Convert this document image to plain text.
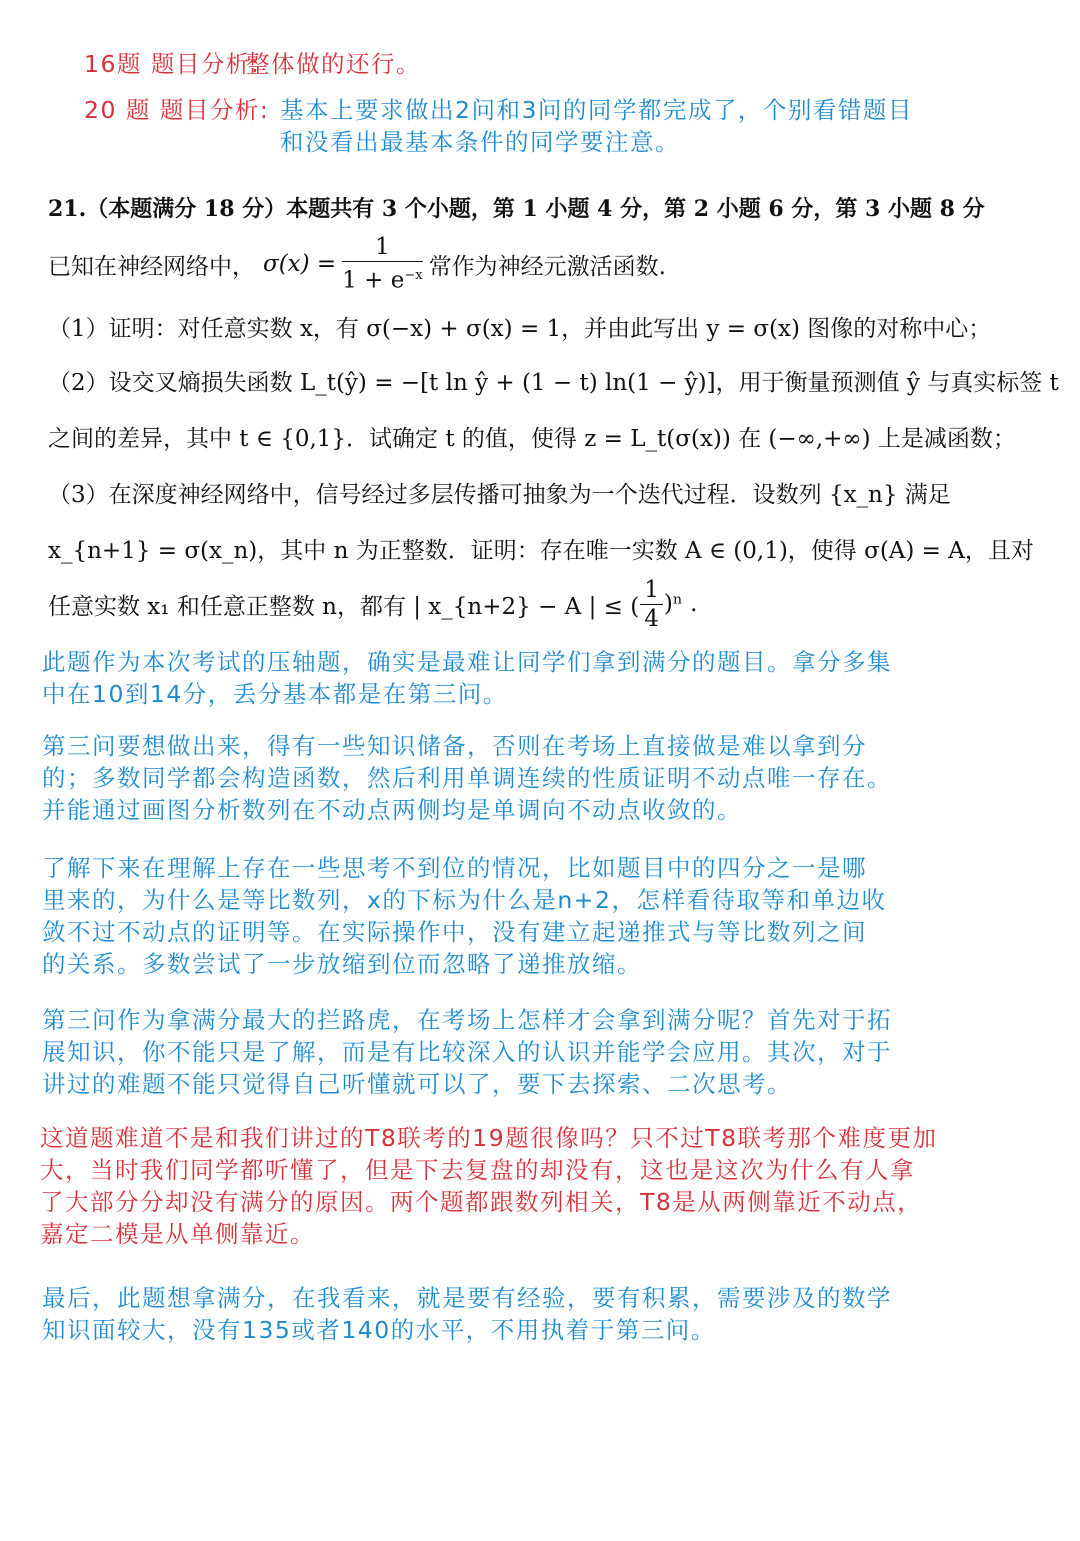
16题 题目分析:整体做的还行。
20 题 题目分析: 基本上要求做出2问和3问的同学都完成了，个别看错题目
和没看出最基本条件的同学要注意。
21.（本题满分 18 分）本题共有 3 个小题，第 1 小题 4 分，第 2 小题 6 分，第 3 小题 8 分
已知在神经网络中， $\sigma(x) = \frac{1}{1 + e^{-x}}$ 常作为神经元激活函数.
（1）证明：对任意实数 x，有 σ(−x) + σ(x) = 1，并由此写出 y = σ(x) 图像的对称中心；
（2）设交叉熵损失函数 L_t(ŷ) = −[t ln ŷ + (1 − t) ln(1 − ŷ)]，用于衡量预测值 ŷ 与真实标签 t
之间的差异，其中 t ∈ {0,1}．试确定 t 的值，使得 z = L_t(σ(x)) 在 (−∞,+∞) 上是减函数；
（3）在深度神经网络中，信号经过多层传播可抽象为一个迭代过程．设数列 {x_n} 满足
x_{n+1} = σ(x_n)，其中 n 为正整数．证明：存在唯一实数 A ∈ (0,1)，使得 σ(A) = A，且对
任意实数 x₁ 和任意正整数 n，都有 | x_{n+2} − A | ≤ ( $\frac{1}{4} )^n$ .
此题作为本次考试的压轴题，确实是最难让同学们拿到满分的题目。拿分多集
中在10到14分，丢分基本都是在第三问。
第三问要想做出来，得有一些知识储备，否则在考场上直接做是难以拿到分
的；多数同学都会构造函数，然后利用单调连续的性质证明不动点唯一存在。
并能通过画图分析数列在不动点两侧均是单调向不动点收敛的。
了解下来在理解上存在一些思考不到位的情况，比如题目中的四分之一是哪
里来的，为什么是等比数列，x的下标为什么是n+2，怎样看待取等和单边收
敛不过不动点的证明等。在实际操作中，没有建立起递推式与等比数列之间
的关系。多数尝试了一步放缩到位而忽略了递推放缩。
第三问作为拿满分最大的拦路虎，在考场上怎样才会拿到满分呢？首先对于拓
展知识，你不能只是了解，而是有比较深入的认识并能学会应用。其次，对于
讲过的难题不能只觉得自己听懂就可以了，要下去探索、二次思考。
这道题难道不是和我们讲过的T8联考的19题很像吗？只不过T8联考那个难度更加
大，当时我们同学都听懂了，但是下去复盘的却没有，这也是这次为什么有人拿
了大部分分却没有满分的原因。两个题都跟数列相关，T8是从两侧靠近不动点，
嘉定二模是从单侧靠近。
最后，此题想拿满分，在我看来，就是要有经验，要有积累，需要涉及的数学
知识面较大，没有135或者140的水平，不用执着于第三问。
